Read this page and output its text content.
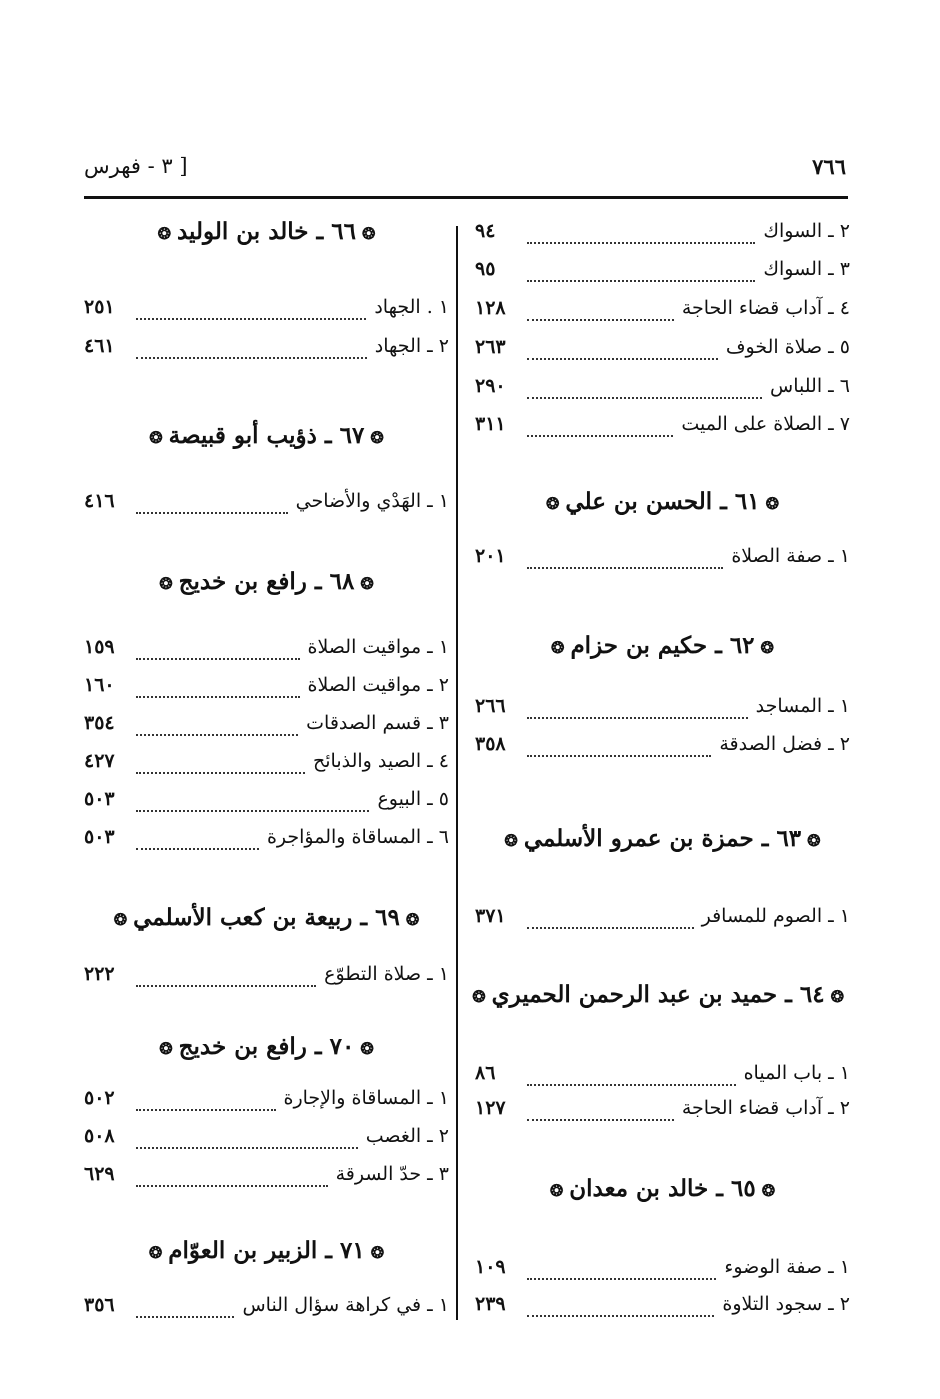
٧٦٦
[ ٣ - فهرس
٢ ـ السواك
٩٤
٣ ـ السواك
٩٥
٤ ـ آداب قضاء الحاجة
١٢٨
٥ ـ صلاة الخوف
٢٦٣
٦ ـ اللباس
٢٩٠
٧ ـ الصلاة على الميت
٣١١
❂٦١ ـ الحسن بن علي❂
١ ـ صفة الصلاة
٢٠١
❂٦٢ ـ حكيم بن حزام❂
١ ـ المساجد
٢٦٦
٢ ـ فضل الصدقة
٣٥٨
❂٦٣ ـ حمزة بن عمرو الأسلمي❂
١ ـ الصوم للمسافر
٣٧١
❂٦٤ ـ حميد بن عبد الرحمن الحميري❂
١ ـ باب المياه
٨٦
٢ ـ آداب قضاء الحاجة
١٢٧
❂٦٥ ـ خالد بن معدان❂
١ ـ صفة الوضوء
١٠٩
٢ ـ سجود التلاوة
٢٣٩
❂٦٦ ـ خالد بن الوليد❂
١ . الجهاد
٢٥١
٢ ـ الجهاد
٤٦١
❂٦٧ ـ ذؤيب أبو قبيصة❂
١ ـ الهَدْي والأضاحي
٤١٦
❂٦٨ ـ رافع بن خديج❂
١ ـ مواقيت الصلاة
١٥٩
٢ ـ مواقيت الصلاة
١٦٠
٣ ـ قسم الصدقات
٣٥٤
٤ ـ الصيد والذبائح
٤٢٧
٥ ـ البيوع
٥٠٣
٦ ـ المساقاة والمؤاجرة
٥٠٣
❂٦٩ ـ ربيعة بن كعب الأسلمي❂
١ ـ صلاة التطوّع
٢٢٢
❂٧٠ ـ رافع بن خديج❂
١ ـ المساقاة والإجارة
٥٠٢
٢ ـ الغصب
٥٠٨
٣ ـ حدّ السرقة
٦٢٩
❂٧١ ـ الزبير بن العوّام❂
١ ـ في كراهة سؤال الناس
٣٥٦
